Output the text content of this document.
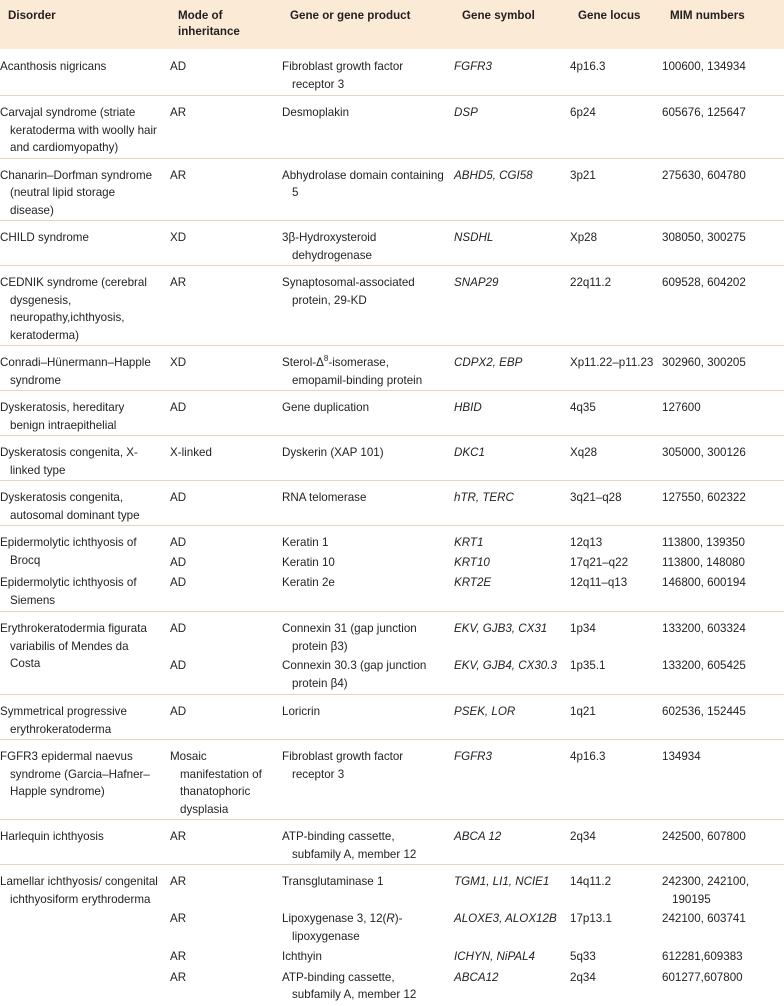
Disorder	Mode of inheritance	Gene or gene product	Gene symbol	Gene locus	MIM numbers
Acanthosis nigricans	AD	Fibroblast growth factor receptor 3	FGFR3	4p16.3	100600, 134934
Carvajal syndrome (striate keratoderma with woolly hair and cardiomyopathy)	AR	Desmoplakin	DSP	6p24	605676, 125647
Chanarin–Dorfman syndrome (neutral lipid storage disease)	AR	Abhydrolase domain containing 5	ABHD5, CGI58	3p21	275630, 604780
CHILD syndrome	XD	3β-Hydroxysteroid dehydrogenase	NSDHL	Xp28	308050, 300275
CEDNIK syndrome (cerebral dysgenesis, neuropathy,ichthyosis, keratoderma)	AR	Synaptosomal-associated protein, 29-KD	SNAP29	22q11.2	609528, 604202
Conradi–Hünermann–Happle syndrome	XD	Sterol-$\Delta^8$-isomerase, emopamil-binding protein	CDPX2, EBP	Xp11.22–p11.23	302960, 300205
Dyskeratosis, hereditary benign intraepithelial	AD	Gene duplication	HBID	4q35	127600
Dyskeratosis congenita, X-linked type	X-linked	Dyskerin (XAP 101)	DKC1	Xq28	305000, 300126
Dyskeratosis congenita, autosomal dominant type	AD	RNA telomerase	hTR, TERC	3q21–q28	127550, 602322
Epidermolytic ichthyosis of Brocq	AD	Keratin 1	KRT1	12q13	113800, 139350
	AD	Keratin 10	KRT10	17q21–q22	113800, 148080
Epidermolytic ichthyosis of Siemens	AD	Keratin 2e	KRT2E	12q11–q13	146800, 600194
Erythrokeratodermia figurata variabilis of Mendes da Costa	AD	Connexin 31 (gap junction protein β3)	EKV, GJB3, CX31	1p34	133200, 603324
	AD	Connexin 30.3 (gap junction protein β4)	EKV, GJB4, CX30.3	1p35.1	133200, 605425
Symmetrical progressive erythrokeratoderma	AD	Loricrin	PSEK, LOR	1q21	602536, 152445
FGFR3 epidermal naevus syndrome (Garcia–Hafner–Happle syndrome)	Mosaic manifestation of thanatophoric dysplasia	Fibroblast growth factor receptor 3	FGFR3	4p16.3	134934
Harlequin ichthyosis	AR	ATP-binding cassette, subfamily A, member 12	ABCA 12	2q34	242500, 607800
Lamellar ichthyosis/ congenital ichthyosiform erythroderma	AR	Transglutaminase 1	TGM1, LI1, NCIE1	14q11.2	242300, 242100, 190195
	AR	Lipoxygenase 3, 12(R)-lipoxygenase	ALOXE3, ALOX12B	17p13.1	242100, 603741
	AR	Ichthyin	ICHYN, NiPAL4	5q33	612281,609383
	AR	ATP-binding cassette, subfamily A, member 12	ABCA12	2q34	601277,607800
